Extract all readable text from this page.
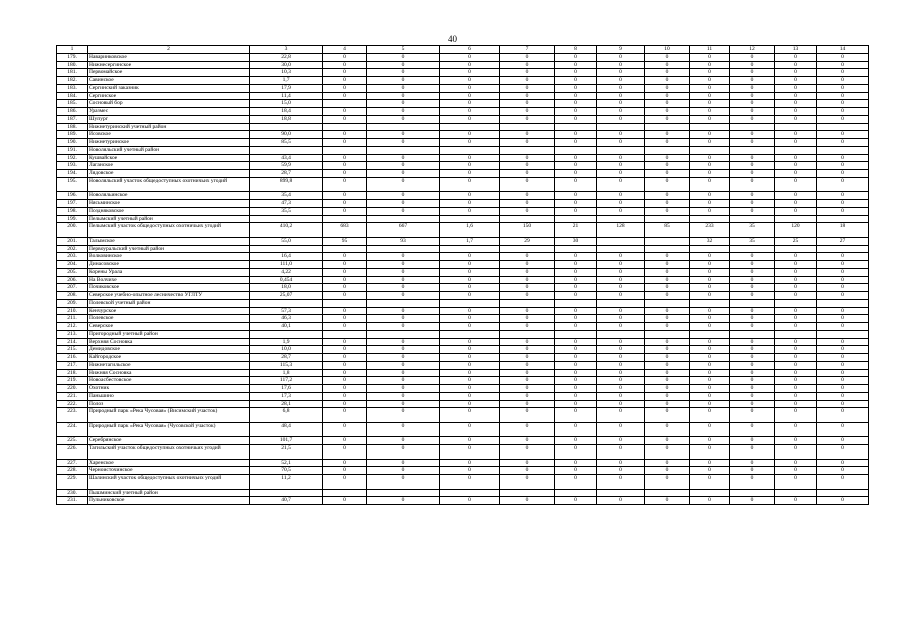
40
1	2	3	4	5	6	7	8	9	10	11	12	13	14
179.	Наваринковское	22,8	0	0	0	0	0	0	0	0	0	0	0
180.	Нижнесергинское	30,0	0	0	0	0	0	0	0	0	0	0	0
181.	Первомайское	10,3	0	0	0	0	0	0	0	0	0	0	0
182.	Савинское	1,7	0	0	0	0	0	0	0	0	0	0	0
183.	Сергинский заказник	17,9	0	0	0	0	0	0	0	0	0	0	0
184.	Сергинское	11,4	0	0	0	0	0	0	0	0	0	0	0
185.	Сосновый бор	15,0		0	0	0	0	0	0	0	0	0	0
186.	Уразмес	18,4	0	0	0	0	0	0	0	0	0	0	0
187.	Шупург	18,8	0	0	0	0	0	0	0	0	0	0	0
188.	Нижнетуринский учетный район												
189.	Исовское	90,0	0	0	0	0	0	0	0	0	0	0	0
190.	Нижнетуринское	85,5	0	0	0	0	0	0	0	0	0	0	0
191.	Новоляльский учетный район												
192.	Кушвайское	43,4	0	0	0	0	0	0	0	0	0	0	0
193.	Лаганское	59,9	0	0	0	0	0	0	0	0	0	0	0
194.	Лядовское	28,7	0	0	0	0	0	0	0	0	0	0	0
195.	Новоляльский участок общедоступных охотничьих угодий	899,8	0	0	0	0	0	0	0	0	0	0	0
196.	Новоляльинское	35,4	0	0	0	0	0	0	0	0	0	0	0
197.	Нясьминское	47,3	0	0	0	0	0	0	0	0	0	0	0
198.	Поздняковское	35,5	0	0	0	0	0	0	0	0	0	0	0
199.	Пелымский учетный район												
200.	Пелымский участок общедоступных охотничьих угодий	410,2	683	667	1,6	150	21	128	85	233	35	120	18
201.	Талымское	55,0	95	93	1,7	29	30			32	35	25	27
202.	Первоуральский учетный район												
203.	Волковинское	16,4	0	0	0	0	0	0	0	0	0	0	0
204.	Динасовское	111,0	0	0	0	0	0	0	0	0	0	0	0
205.	Корены Урала	4,22	0	0	0	0	0	0	0	0	0	0	0
206.	На Волчихе	0,454	0	0	0	0	0	0	0	0	0	0	0
207.	Почиковское	18,0	0	0	0	0	0	0	0	0	0	0	0
208.	Северское учебно-опытное лесничество УГЛТУ	25,07	0	0	0	0	0	0	0	0	0	0	0
209.	Полевской учетный район												
210.	Кенчурское	57,3	0	0	0	0	0	0	0	0	0	0	0
211.	Полевское	46,3	0	0	0	0	0	0	0	0	0	0	0
212.	Северское	40,1	0	0	0	0	0	0	0	0	0	0	0
213.	Пригородный учетный район												
214.	Верхняя Сосновка	1,9	0	0	0	0	0	0	0	0	0	0	0
215.	Демидовское	10,0	0	0	0	0	0	0	0	0	0	0	0
216.	Кайгородское	28,7	0	0	0	0	0	0	0	0	0	0	0
217.	Нижнетагильское	115,3	0	0	0	0	0	0	0	0	0	0	0
218.	Нижняя Сосновка	1,8	0	0	0	0	0	0	0	0	0	0	0
219.	Новоасбестовское	117,2	0	0	0	0	0	0	0	0	0	0	0
220.	Охотник	17,6	0	0	0	0	0	0	0	0	0	0	0
221.	Паньшино	17,3	0	0	0	0	0	0	0	0	0	0	0
222.	Полоз	28,1	0	0	0	0	0	0	0	0	0	0	0
223.	Природный парк «Река Чусовая» (Висимский участок)	6,8	0	0	0	0	0	0	0	0	0	0	0
224.	Природный парк «Река Чусовая» (Чусовской участок)	48,4	0	0	0	0	0	0	0	0	0	0	0
225.	Серебрянское	101,7	0	0	0	0	0	0	0	0	0	0	0
226.	Тагильский участок общедоступных охотничьих угодий	21,5	0	0	0	0	0	0	0	0	0	0	0
227.	Харенское	52,1	0	0	0	0	0	0	0	0	0	0	0
228.	Черноисточинское	70,5	0	0	0	0	0	0	0	0	0	0	0
229.	Шалинский участок общедоступных охотничьих угодий	11,2	0	0	0	0	0	0	0	0	0	0	0
230.	Пышминский учетный район												
231.	Пульниковское	40,7	0	0	0	0	0	0	0	0	0	0	0
